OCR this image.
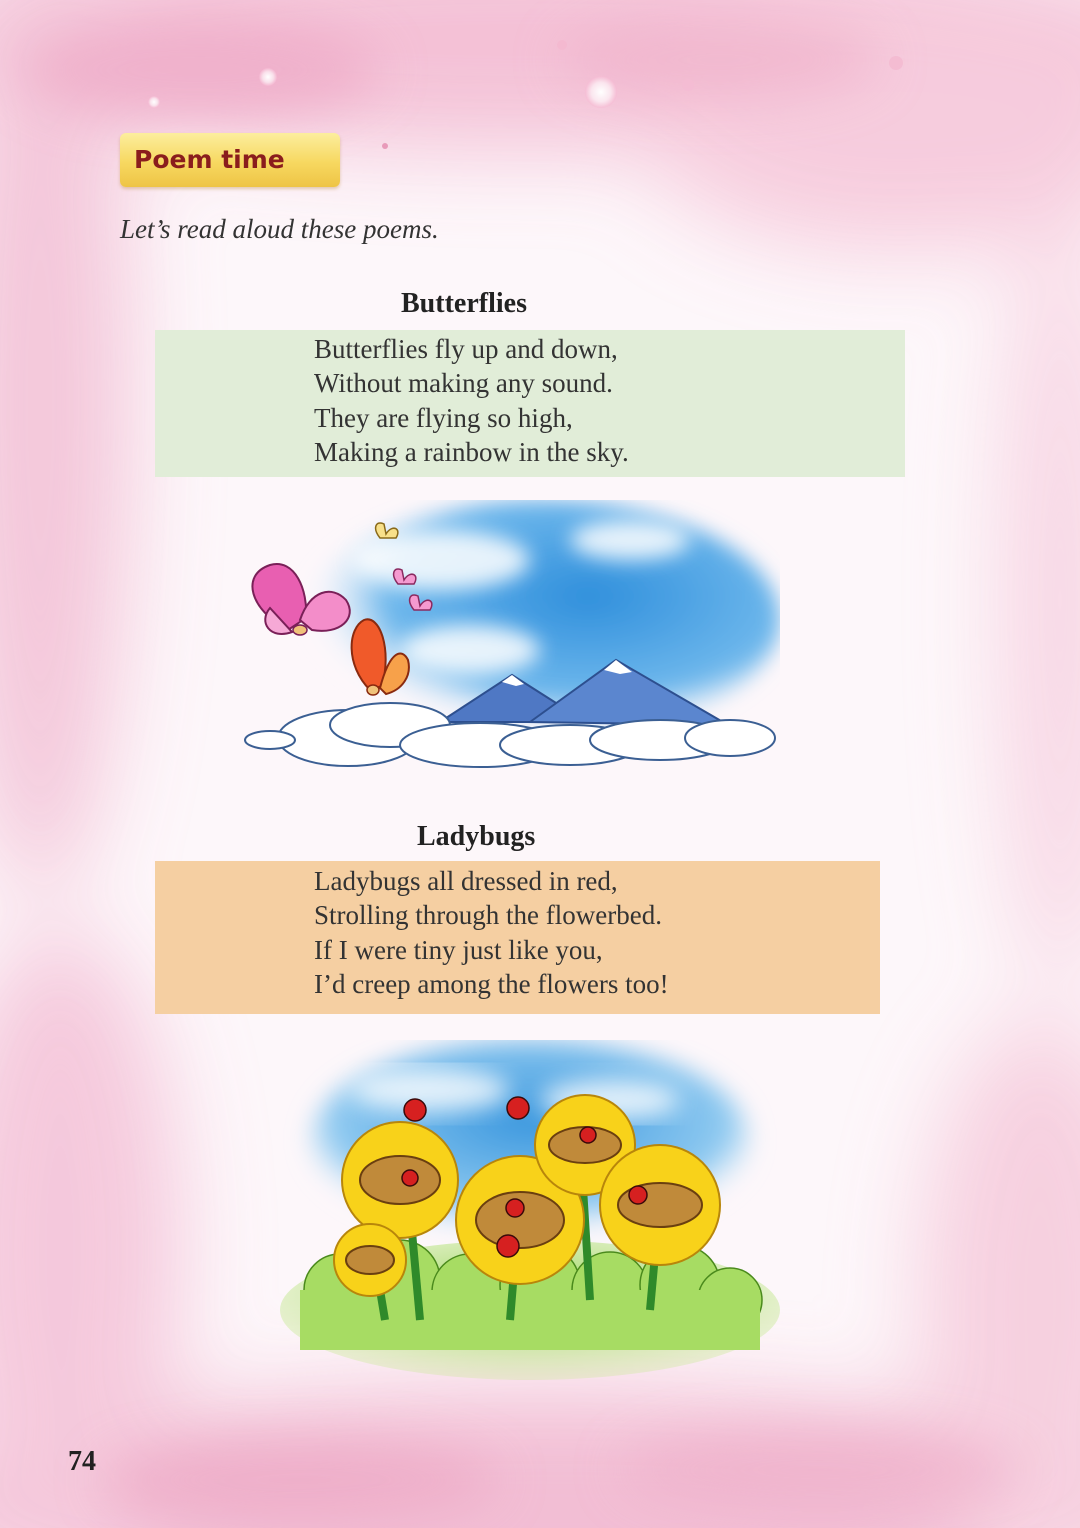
Poem time
Let’s read aloud these poems.
Butterflies
Butterflies fly up and down,
Without making any sound.
They are flying so high,
Making a rainbow in the sky.
Ladybugs
Ladybugs all dressed in red,
Strolling through the flowerbed.
If I were tiny just like you,
I’d creep among the flowers too!
74
